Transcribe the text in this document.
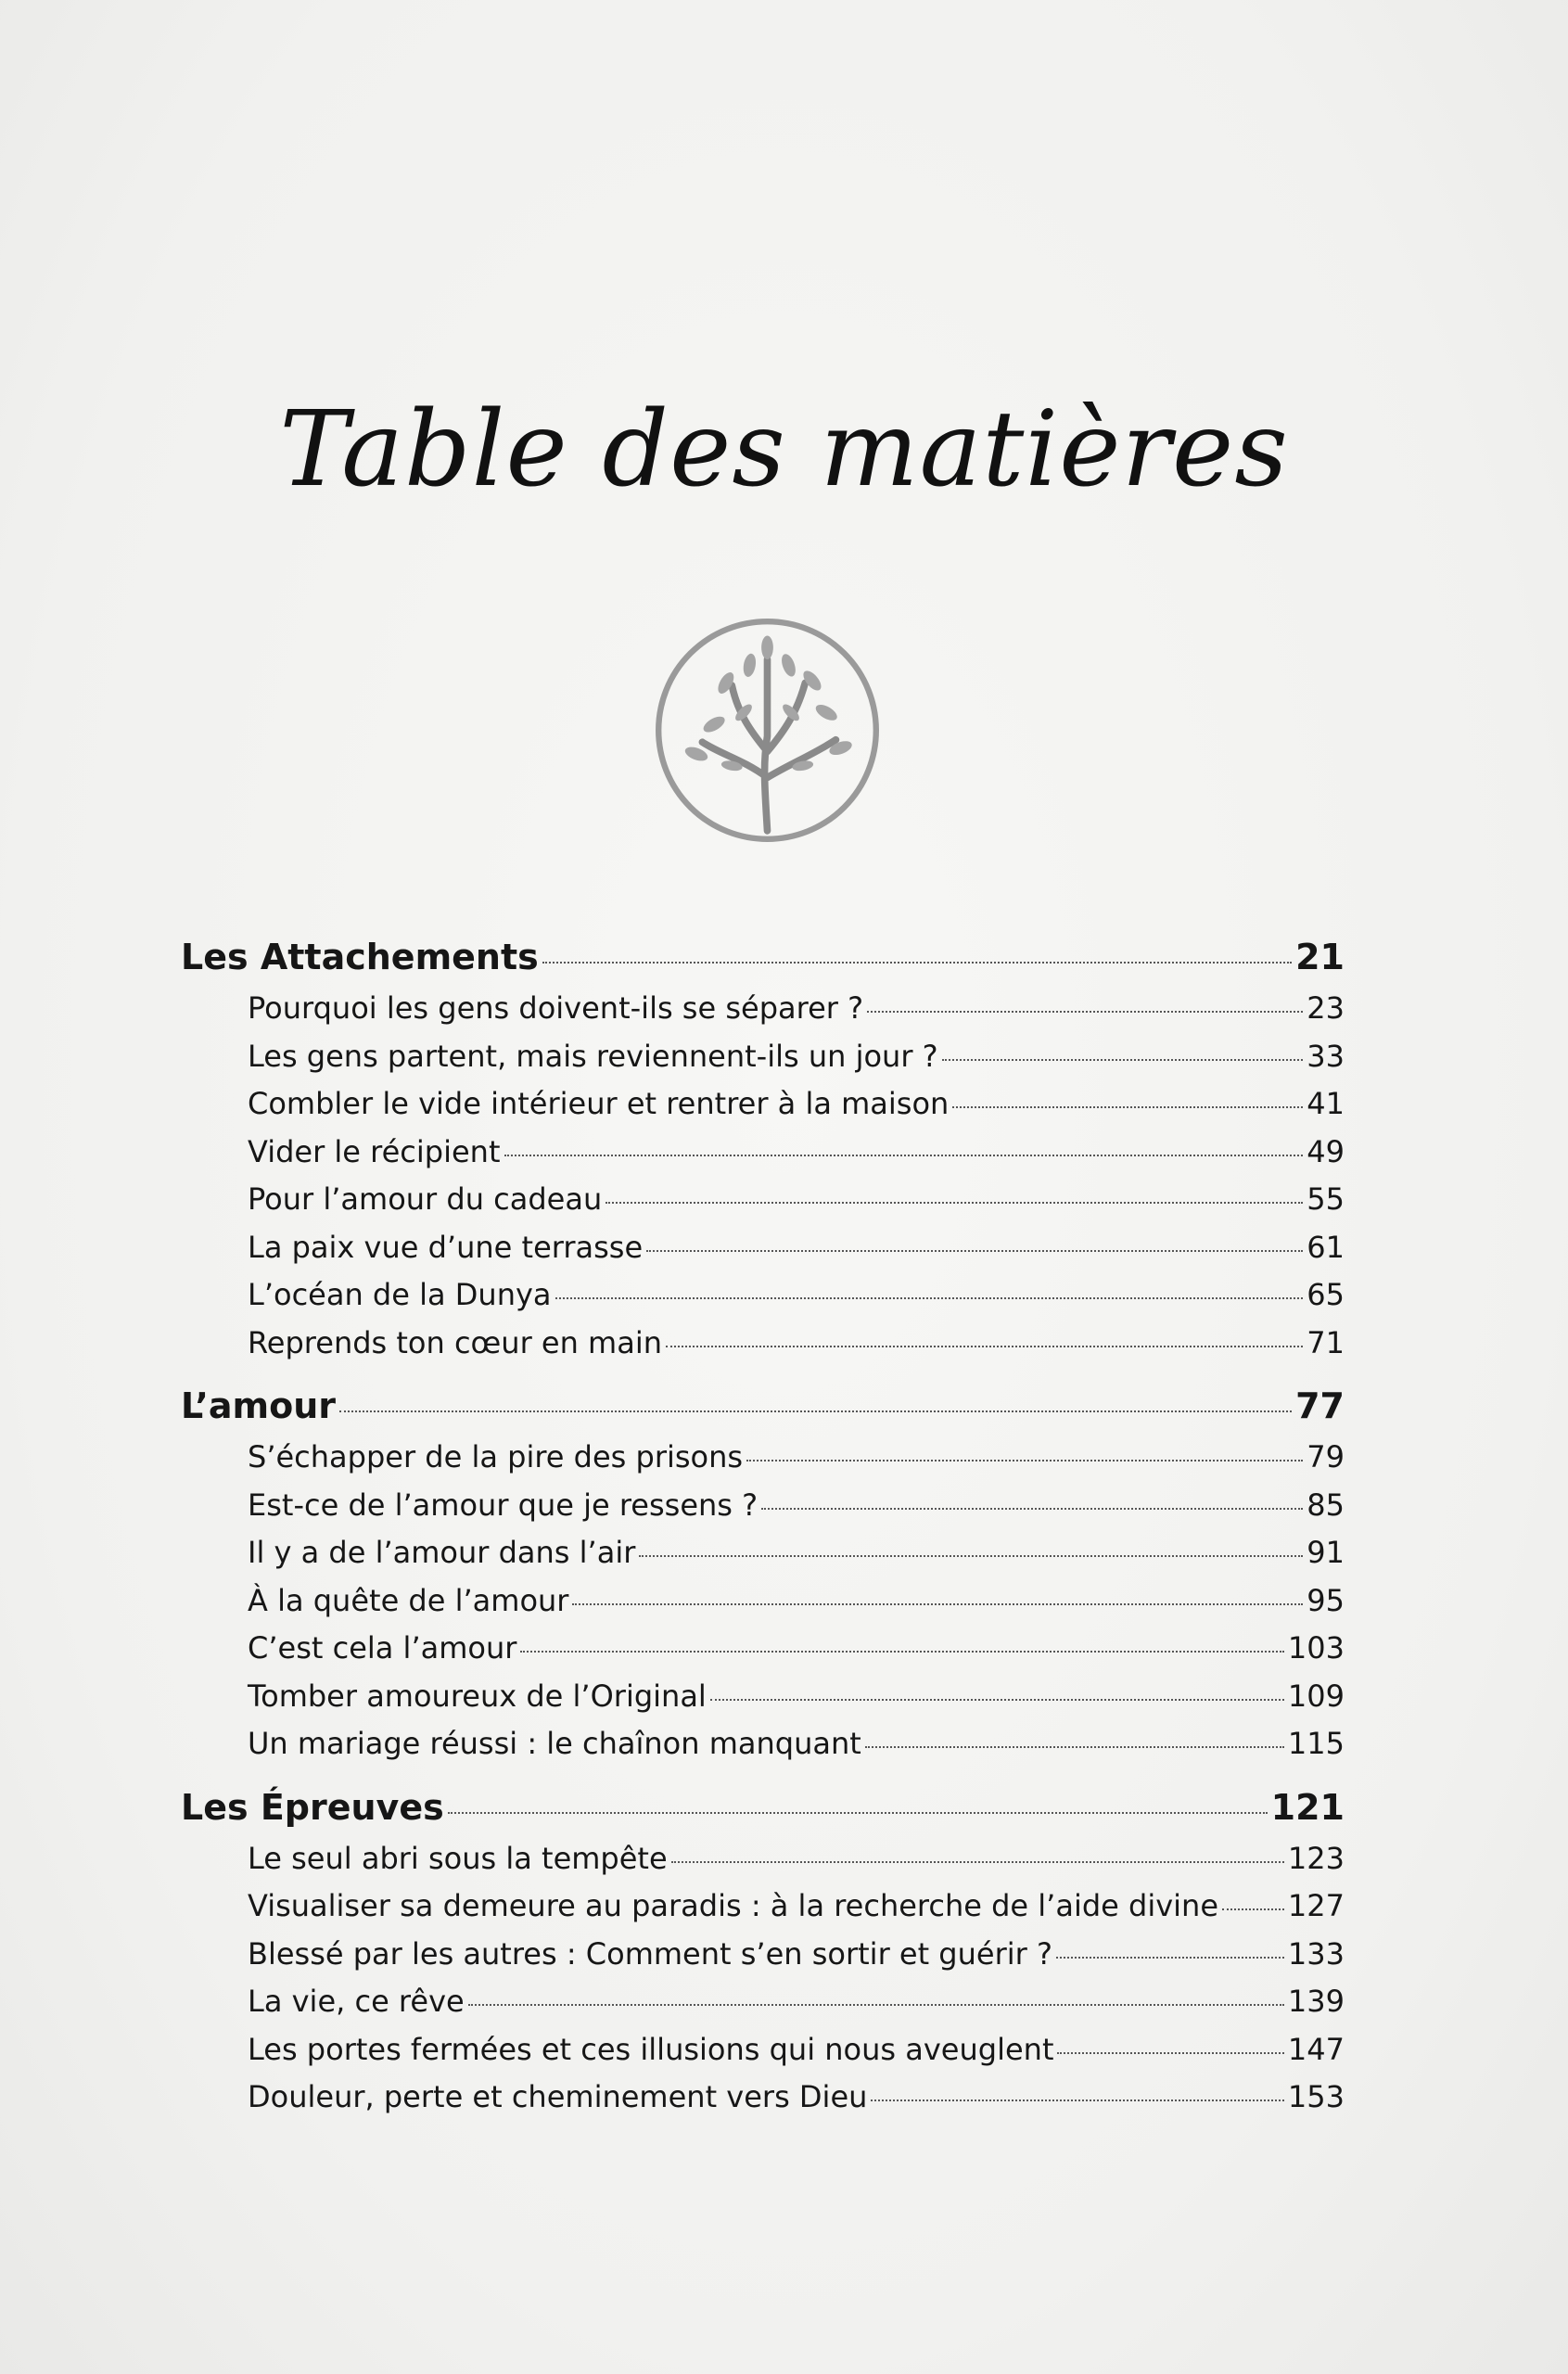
Table des matières
Les Attachements	21
Pourquoi les gens doivent-ils se séparer ?	23
Les gens partent, mais reviennent-ils un jour ?	33
Combler le vide intérieur et rentrer à la maison	41
Vider le récipient	49
Pour l’amour du cadeau	55
La paix vue d’une terrasse	61
L’océan de la Dunya	65
Reprends ton cœur en main	71
L’amour	77
S’échapper de la pire des prisons	79
Est-ce de l’amour que je ressens ?	85
Il y a de l’amour dans l’air	91
À la quête de l’amour	95
C’est cela l’amour	103
Tomber amoureux de l’Original	109
Un mariage réussi : le chaînon manquant	115
Les Épreuves	121
Le seul abri sous la tempête	123
Visualiser sa demeure au paradis : à la recherche de l’aide divine 127
Blessé par les autres : Comment s’en sortir et guérir ?	133
La vie, ce rêve	139
Les portes fermées et ces illusions qui nous aveuglent	147
Douleur, perte et cheminement vers Dieu	153
